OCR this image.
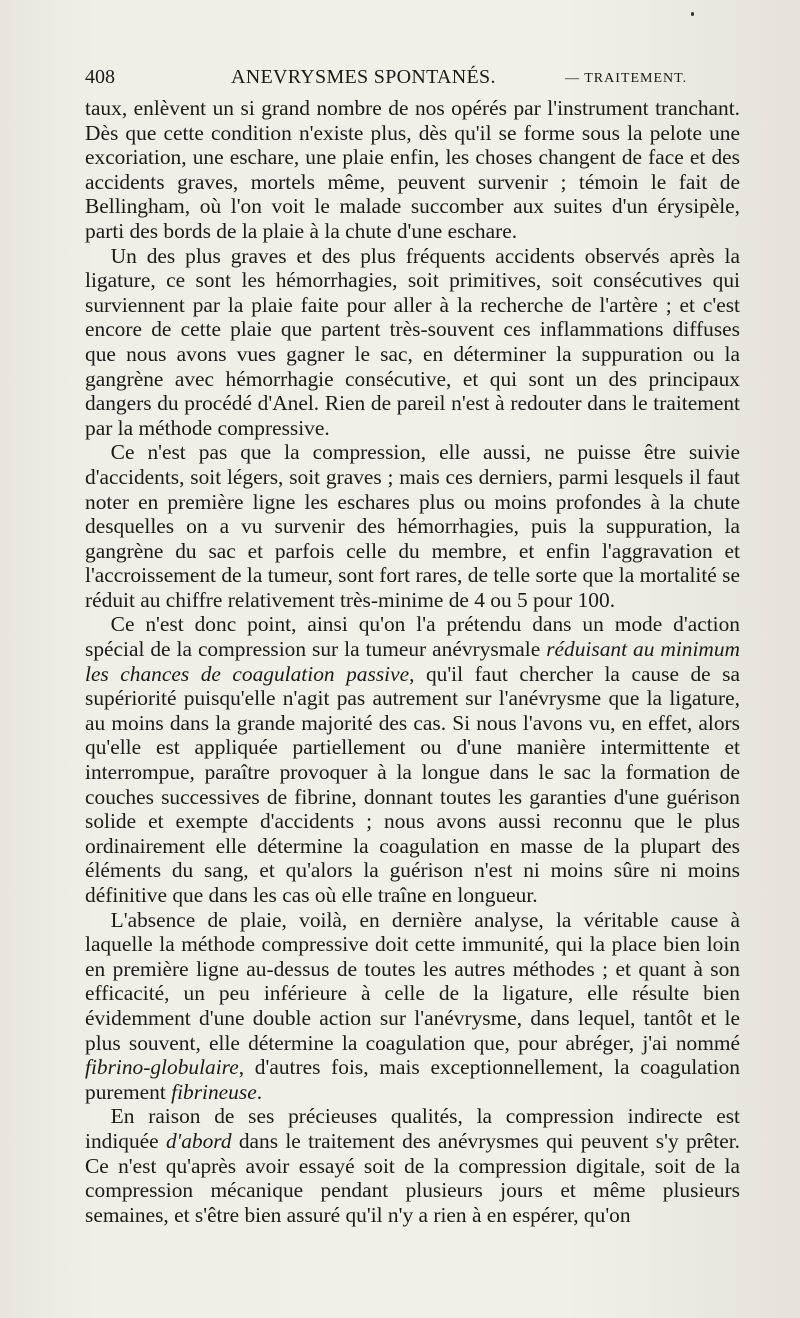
408	ANEVRYSMES SPONTANÉS.	— TRAITEMENT.

taux, enlèvent un si grand nombre de nos opérés par l'instrument tranchant. Dès que cette condition n'existe plus, dès qu'il se forme sous la pelote une excoriation, une eschare, une plaie enfin, les choses changent de face et des accidents graves, mortels même, peuvent survenir ; témoin le fait de Bellingham, où l'on voit le malade succomber aux suites d'un érysipèle, parti des bords de la plaie à la chute d'une eschare.

Un des plus graves et des plus fréquents accidents observés après la ligature, ce sont les hémorrhagies, soit primitives, soit consécutives qui surviennent par la plaie faite pour aller à la recherche de l'artère ; et c'est encore de cette plaie que partent très-souvent ces inflammations diffuses que nous avons vues gagner le sac, en déterminer la suppuration ou la gangrène avec hémorrhagie consécutive, et qui sont un des principaux dangers du procédé d'Anel. Rien de pareil n'est à redouter dans le traitement par la méthode compressive.

Ce n'est pas que la compression, elle aussi, ne puisse être suivie d'accidents, soit légers, soit graves ; mais ces derniers, parmi lesquels il faut noter en première ligne les eschares plus ou moins profondes à la chute desquelles on a vu survenir des hémorrhagies, puis la suppuration, la gangrène du sac et parfois celle du membre, et enfin l'aggravation et l'accroissement de la tumeur, sont fort rares, de telle sorte que la mortalité se réduit au chiffre relativement très-minime de 4 ou 5 pour 100.

Ce n'est donc point, ainsi qu'on l'a prétendu dans un mode d'action spécial de la compression sur la tumeur anévrysmale réduisant au minimum les chances de coagulation passive, qu'il faut chercher la cause de sa supériorité puisqu'elle n'agit pas autrement sur l'anévrysme que la ligature, au moins dans la grande majorité des cas. Si nous l'avons vu, en effet, alors qu'elle est appliquée partiellement ou d'une manière intermittente et interrompue, paraître provoquer à la longue dans le sac la formation de couches successives de fibrine, donnant toutes les garanties d'une guérison solide et exempte d'accidents ; nous avons aussi reconnu que le plus ordinairement elle détermine la coagulation en masse de la plupart des éléments du sang, et qu'alors la guérison n'est ni moins sûre ni moins définitive que dans les cas où elle traîne en longueur.

L'absence de plaie, voilà, en dernière analyse, la véritable cause à laquelle la méthode compressive doit cette immunité, qui la place bien loin en première ligne au-dessus de toutes les autres méthodes ; et quant à son efficacité, un peu inférieure à celle de la ligature, elle résulte bien évidemment d'une double action sur l'anévrysme, dans lequel, tantôt et le plus souvent, elle détermine la coagulation que, pour abréger, j'ai nommé fibrino-globulaire, d'autres fois, mais exceptionnellement, la coagulation purement fibrineuse.

En raison de ses précieuses qualités, la compression indirecte est indiquée d'abord dans le traitement des anévrysmes qui peuvent s'y prêter. Ce n'est qu'après avoir essayé soit de la compression digitale, soit de la compression mécanique pendant plusieurs jours et même plusieurs semaines, et s'être bien assuré qu'il n'y a rien à en espérer, qu'on
